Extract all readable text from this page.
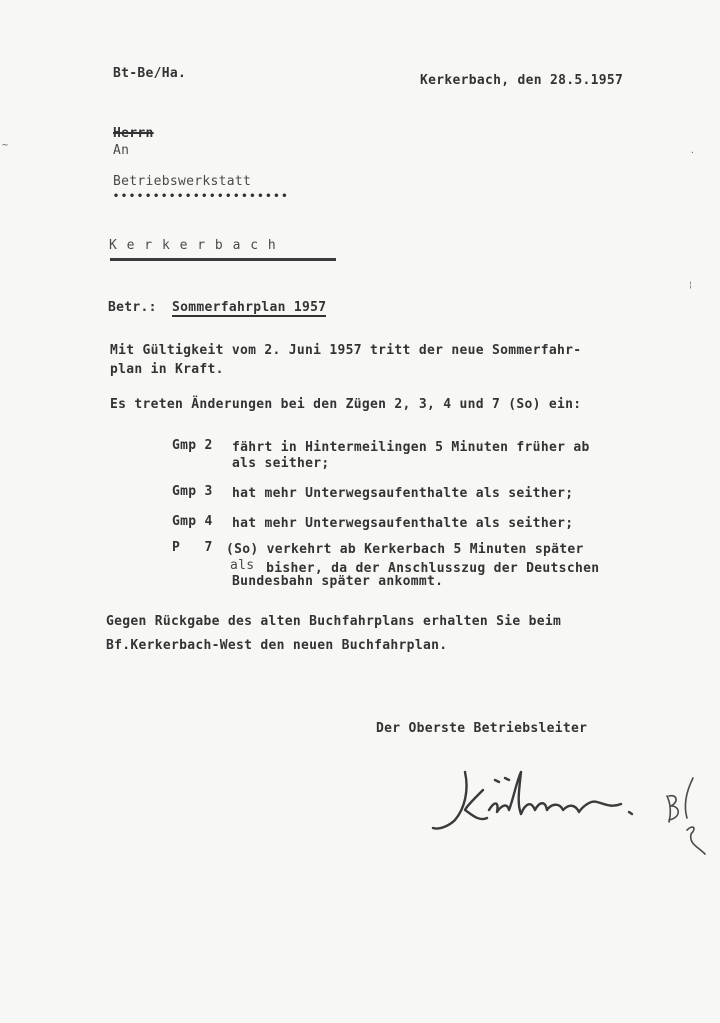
Bt-Be/Ha.	Kerkerbach, den 28.5.1957
Herrn
An
Betriebswerkstatt
••••••••••••••••••••••
K e r k e r b a c h
Betr.: Sommerfahrplan 1957
Mit Gültigkeit vom 2. Juni 1957 tritt der neue Sommerfahr-
plan in Kraft.
Es treten Änderungen bei den Zügen 2, 3, 4 und 7 (So) ein:
Gmp 2 fährt in Hintermeilingen 5 Minuten früher ab
als seither;
Gmp 3 hat mehr Unterwegsaufenthalte als seither;
Gmp 4 hat mehr Unterwegsaufenthalte als seither;
P   7 (So) verkehrt ab Kerkerbach 5 Minuten später
als bisher, da der Anschlusszug der Deutschen
Bundesbahn später ankommt.
Gegen Rückgabe des alten Buchfahrplans erhalten Sie beim
Bf.Kerkerbach-West den neuen Buchfahrplan.
Der Oberste Betriebsleiter
~
·
¦
